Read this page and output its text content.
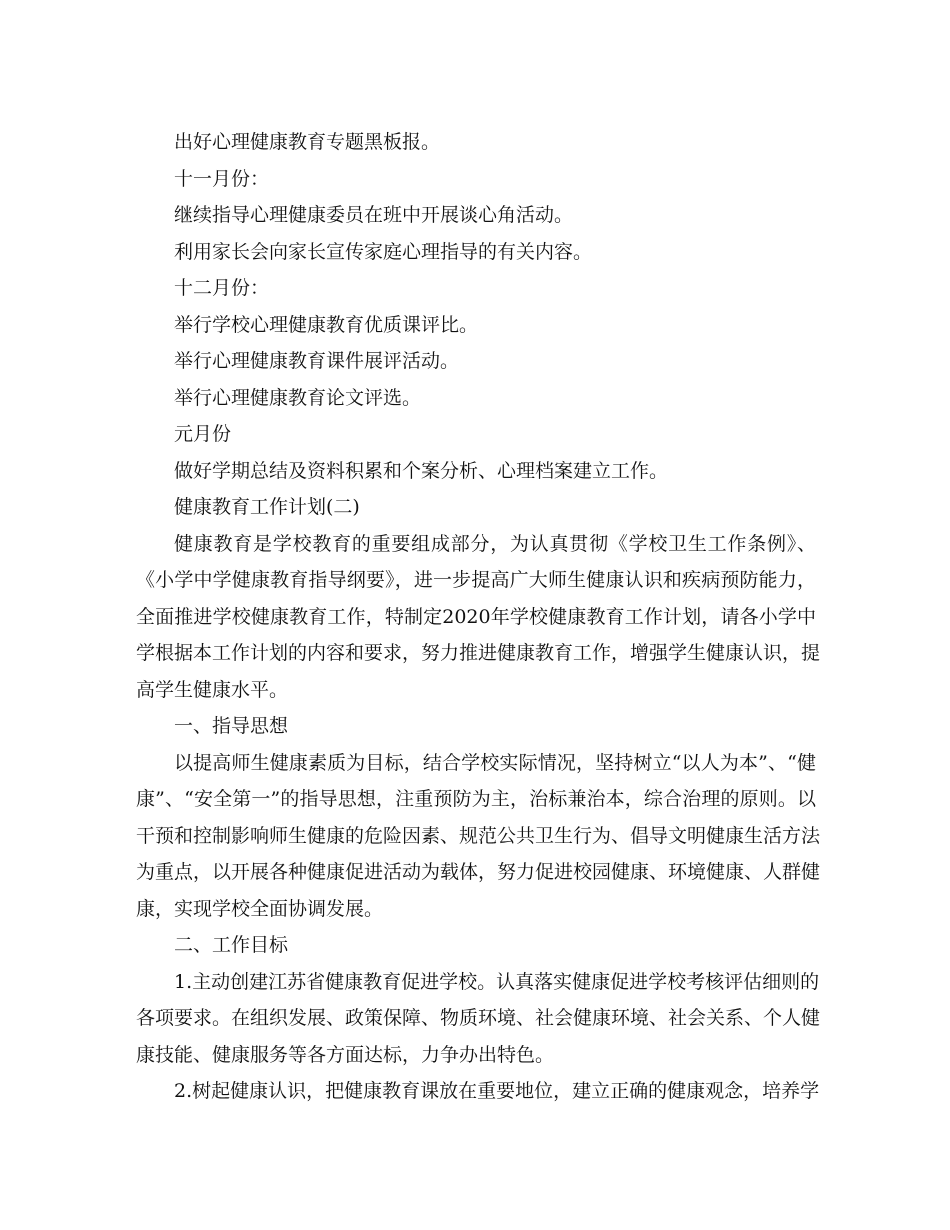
出好心理健康教育专题黑板报。

十一月份：

继续指导心理健康委员在班中开展谈心角活动。

利用家长会向家长宣传家庭心理指导的有关内容。

十二月份：

举行学校心理健康教育优质课评比。

举行心理健康教育课件展评活动。

举行心理健康教育论文评选。

元月份

做好学期总结及资料积累和个案分析、心理档案建立工作。

健康教育工作计划(二)

健康教育是学校教育的重要组成部分，为认真贯彻《学校卫生工作条例》、
《小学中学健康教育指导纲要》，进一步提高广大师生健康认识和疾病预防能力，
全面推进学校健康教育工作，特制定2020年学校健康教育工作计划，请各小学中
学根据本工作计划的内容和要求，努力推进健康教育工作，增强学生健康认识，提
高学生健康水平。

一、指导思想

以提高师生健康素质为目标，结合学校实际情况，坚持树立“以人为本”、“健
康”、“安全第一”的指导思想，注重预防为主，治标兼治本，综合治理的原则。以
干预和控制影响师生健康的危险因素、规范公共卫生行为、倡导文明健康生活方法
为重点，以开展各种健康促进活动为载体，努力促进校园健康、环境健康、人群健
康，实现学校全面协调发展。

二、工作目标

1.主动创建江苏省健康教育促进学校。认真落实健康促进学校考核评估细则的
各项要求。在组织发展、政策保障、物质环境、社会健康环境、社会关系、个人健
康技能、健康服务等各方面达标，力争办出特色。
2.树起健康认识，把健康教育课放在重要地位，建立正确的健康观念，培养学
